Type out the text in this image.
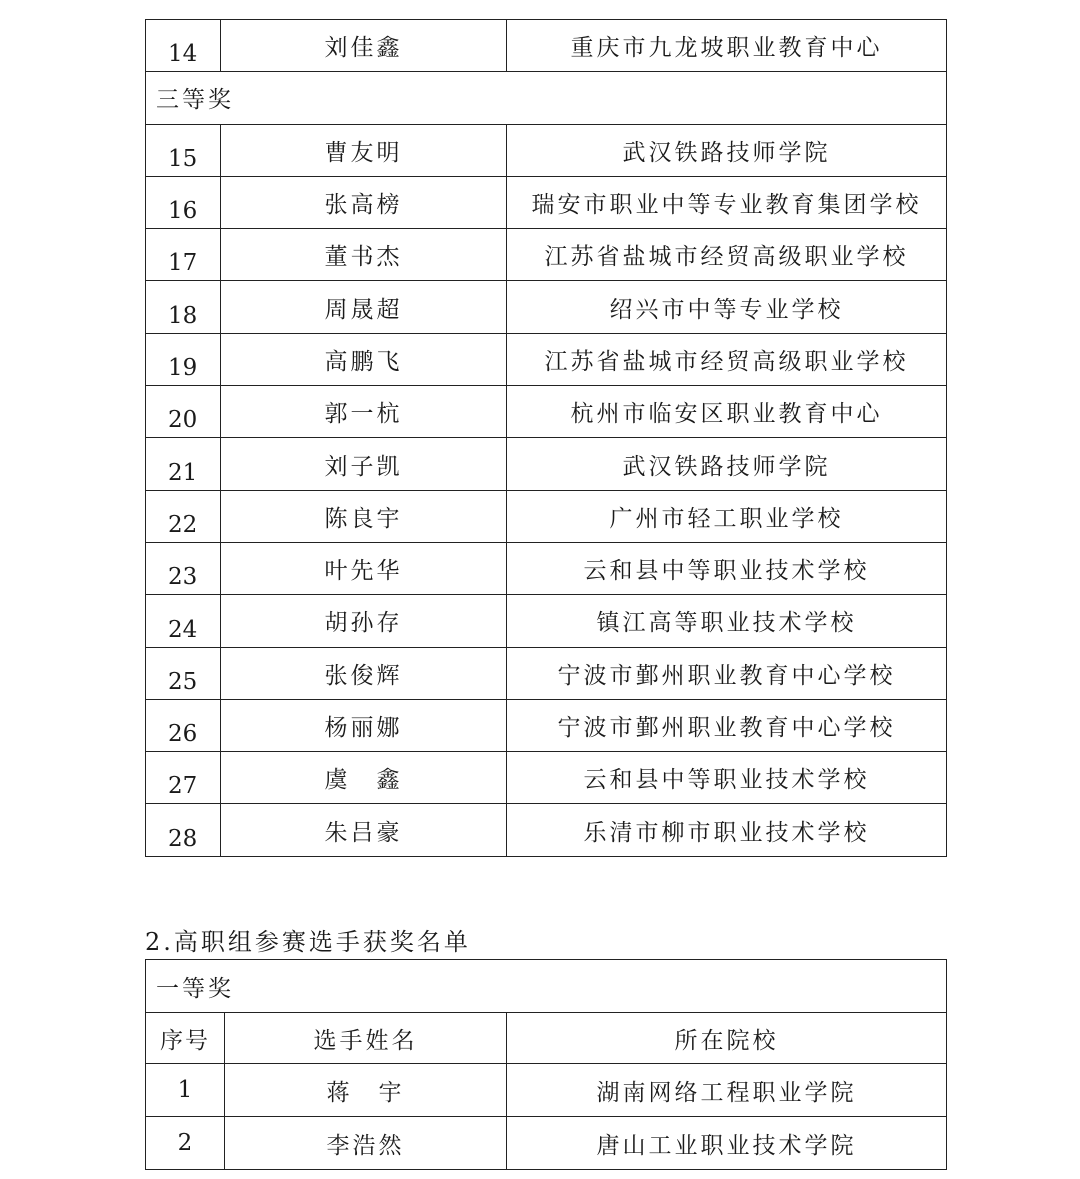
14	刘佳鑫	重庆市九龙坡职业教育中心
三等奖		
15	曹友明	武汉铁路技师学院
16	张高榜	瑞安市职业中等专业教育集团学校
17	董书杰	江苏省盐城市经贸高级职业学校
18	周晟超	绍兴市中等专业学校
19	高鹏飞	江苏省盐城市经贸高级职业学校
20	郭一杭	杭州市临安区职业教育中心
21	刘子凯	武汉铁路技师学院
22	陈良宇	广州市轻工职业学校
23	叶先华	云和县中等职业技术学校
24	胡孙存	镇江高等职业技术学校
25	张俊辉	宁波市鄞州职业教育中心学校
26	杨丽娜	宁波市鄞州职业教育中心学校
27	虞　鑫	云和县中等职业技术学校
28	朱吕豪	乐清市柳市职业技术学校
2.高职组参赛选手获奖名单
一等奖		
序号	选手姓名	所在院校
1	蒋　宇	湖南网络工程职业学院
2	李浩然	唐山工业职业技术学院
